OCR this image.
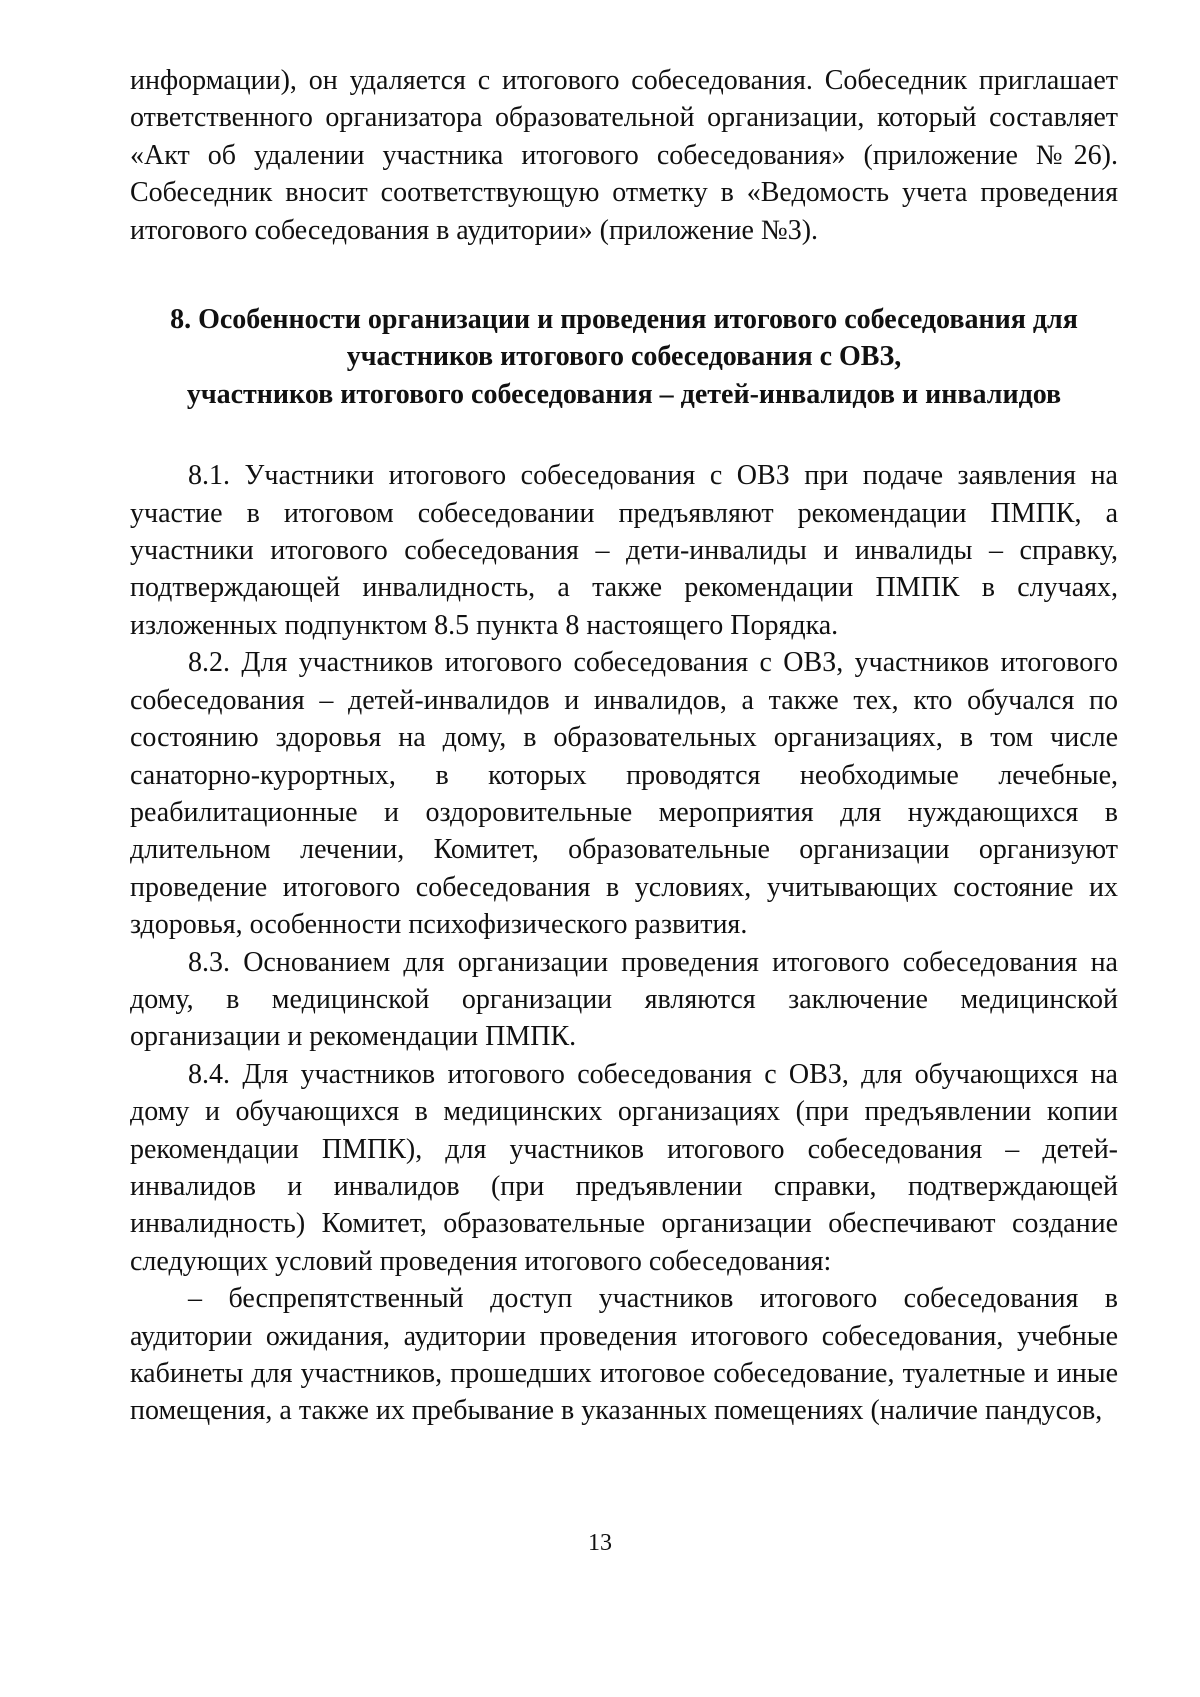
информации), он удаляется с итогового собеседования. Собеседник приглашает ответственного организатора образовательной организации, который составляет «Акт об удалении участника итогового собеседования» (приложение №26). Собеседник вносит соответствующую отметку в «Ведомость учета проведения итогового собеседования в аудитории» (приложение №3).

8. Особенности организации и проведения итогового собеседования для
участников итогового собеседования с ОВЗ,
участников итогового собеседования – детей-инвалидов и инвалидов

8.1. Участники итогового собеседования с ОВЗ при подаче заявления на участие в итоговом собеседовании предъявляют рекомендации ПМПК, а участники итогового собеседования – дети-инвалиды и инвалиды – справку, подтверждающей инвалидность, а также рекомендации ПМПК в случаях, изложенных подпунктом 8.5 пункта 8 настоящего Порядка.

8.2. Для участников итогового собеседования с ОВЗ, участников итогового собеседования – детей-инвалидов и инвалидов, а также тех, кто обучался по состоянию здоровья на дому, в образовательных организациях, в том числе санаторно-курортных, в которых проводятся необходимые лечебные, реабилитационные и оздоровительные мероприятия для нуждающихся в длительном лечении, Комитет, образовательные организации организуют проведение итогового собеседования в условиях, учитывающих состояние их здоровья, особенности психофизического развития.

8.3. Основанием для организации проведения итогового собеседования на дому, в медицинской организации являются заключение медицинской организации и рекомендации ПМПК.

8.4. Для участников итогового собеседования с ОВЗ, для обучающихся на дому и обучающихся в медицинских организациях (при предъявлении копии рекомендации ПМПК), для участников итогового собеседования – детей-инвалидов и инвалидов (при предъявлении справки, подтверждающей инвалидность) Комитет, образовательные организации обеспечивают создание следующих условий проведения итогового собеседования:

– беспрепятственный доступ участников итогового собеседования в аудитории ожидания, аудитории проведения итогового собеседования, учебные кабинеты для участников, прошедших итоговое собеседование, туалетные и иные помещения, а также их пребывание в указанных помещениях (наличие пандусов,

13
